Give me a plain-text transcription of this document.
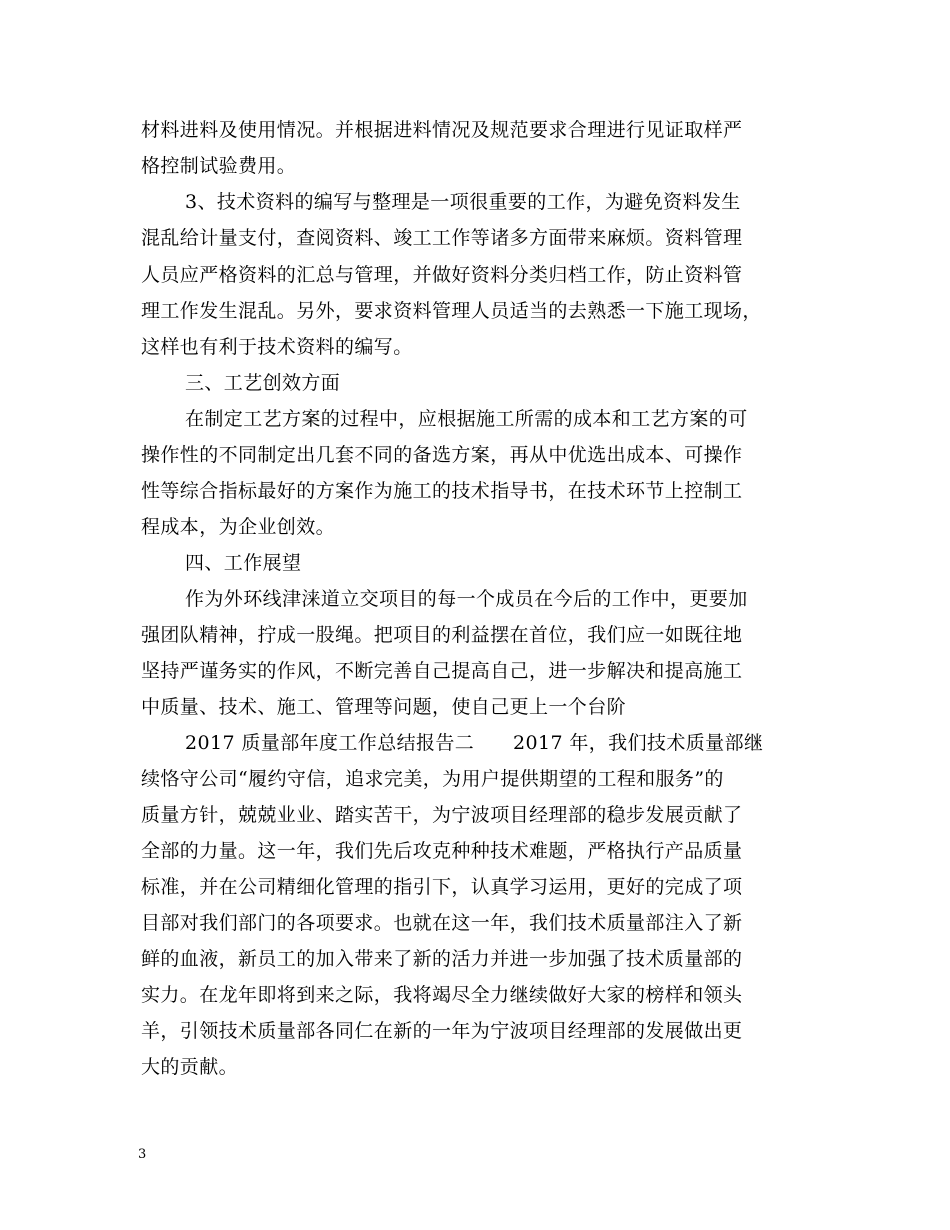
材料进料及使用情况。并根据进料情况及规范要求合理进行见证取样严
格控制试验费用。
3、技术资料的编写与整理是一项很重要的工作，为避免资料发生
混乱给计量支付，查阅资料、竣工工作等诸多方面带来麻烦。资料管理
人员应严格资料的汇总与管理，并做好资料分类归档工作，防止资料管
理工作发生混乱。另外，要求资料管理人员适当的去熟悉一下施工现场，
这样也有利于技术资料的编写。
三、工艺创效方面
在制定工艺方案的过程中，应根据施工所需的成本和工艺方案的可
操作性的不同制定出几套不同的备选方案，再从中优选出成本、可操作
性等综合指标最好的方案作为施工的技术指导书，在技术环节上控制工
程成本，为企业创效。
四、工作展望
作为外环线津涞道立交项目的每一个成员在今后的工作中，更要加
强团队精神，拧成一股绳。把项目的利益摆在首位，我们应一如既往地
坚持严谨务实的作风，不断完善自己提高自己，进一步解决和提高施工
中质量、技术、施工、管理等问题，使自己更上一个台阶
2017 质量部年度工作总结报告二　　2017 年，我们技术质量部继
续恪守公司“履约守信，追求完美，为用户提供期望的工程和服务”的
质量方针，兢兢业业、踏实苦干，为宁波项目经理部的稳步发展贡献了
全部的力量。这一年，我们先后攻克种种技术难题，严格执行产品质量
标准，并在公司精细化管理的指引下，认真学习运用，更好的完成了项
目部对我们部门的各项要求。也就在这一年，我们技术质量部注入了新
鲜的血液，新员工的加入带来了新的活力并进一步加强了技术质量部的
实力。在龙年即将到来之际，我将竭尽全力继续做好大家的榜样和领头
羊，引领技术质量部各同仁在新的一年为宁波项目经理部的发展做出更
大的贡献。
3
